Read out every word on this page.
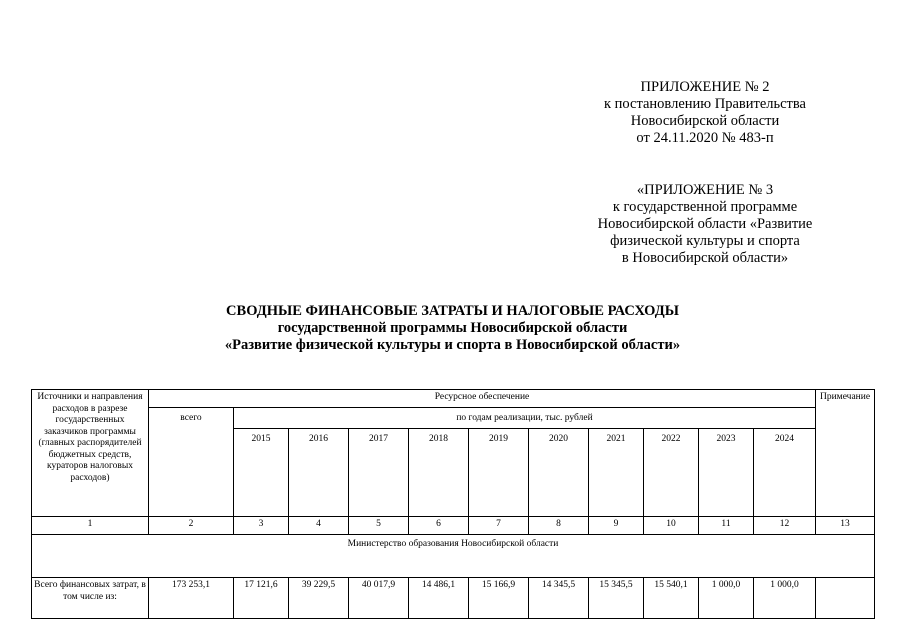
ПРИЛОЖЕНИЕ № 2
к постановлению Правительства
Новосибирской области
от 24.11.2020 № 483-п
«ПРИЛОЖЕНИЕ № 3
к государственной программе
Новосибирской области «Развитие
физической культуры и спорта
в Новосибирской области»
СВОДНЫЕ ФИНАНСОВЫЕ ЗАТРАТЫ И НАЛОГОВЫЕ РАСХОДЫ
государственной программы Новосибирской области
«Развитие физической культуры и спорта в Новосибирской области»
Источники и направления расходов в разрезе государственных заказчиков программы (главных распорядителей бюджетных средств, кураторов налоговых расходов)	Ресурсное обеспечение											Примечание
	всего	по годам реализации, тыс. рублей										
		2015	2016	2017	2018	2019	2020	2021	2022	2023	2024	
1	2	3	4	5	6	7	8	9	10	11	12	13
Министерство образования Новосибирской области												
Всего финансовых затрат, в том числе из:	173 253,1	17 121,6	39 229,5	40 017,9	14 486,1	15 166,9	14 345,5	15 345,5	15 540,1	1 000,0	1 000,0	
